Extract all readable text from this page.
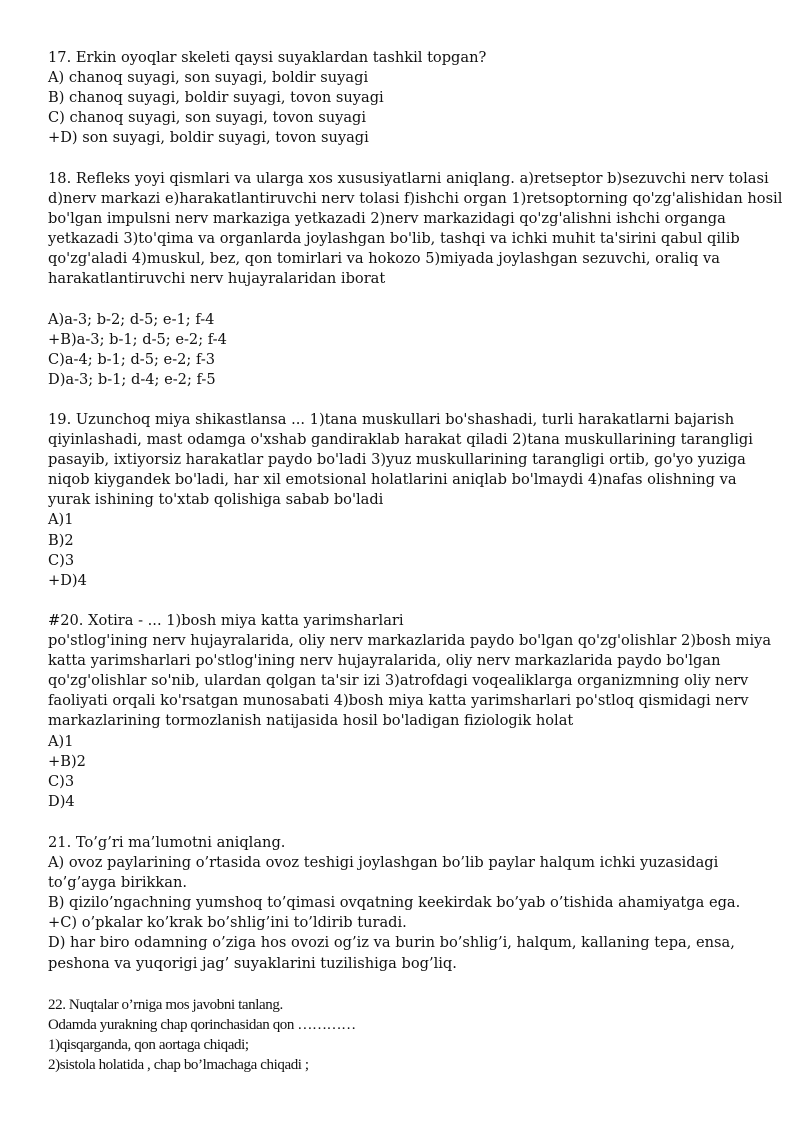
17. Erkin oyoqlar skeleti qaysi suyaklardan tashkil topgan?
A) chanoq suyagi, son suyagi, boldir suyagi
B) chanoq suyagi, boldir suyagi, tovon suyagi
C) chanoq suyagi, son suyagi, tovon suyagi
+D) son suyagi, boldir suyagi, tovon suyagi
18. Refleks yoyi qismlari va ularga xos xususiyatlarni aniqlang. a)retseptor b)sezuvchi nerv tolasi
d)nerv markazi e)harakatlantiruvchi nerv tolasi f)ishchi organ 1)retsoptorning qo'zg'alishidan hosil
bo'lgan impulsni nerv markaziga yetkazadi 2)nerv markazidagi qo'zg'alishni ishchi organga
yetkazadi 3)to'qima va organlarda joylashgan bo'lib, tashqi va ichki muhit ta'sirini qabul qilib
qo'zg'aladi 4)muskul, bez, qon tomirlari va hokozo 5)miyada joylashgan sezuvchi, oraliq va
harakatlantiruvchi nerv hujayralaridan iborat
A)a-3; b-2; d-5; e-1; f-4
+B)a-3; b-1; d-5; e-2; f-4
C)a-4; b-1; d-5; e-2; f-3
D)a-3; b-1; d-4; e-2; f-5
19. Uzunchoq miya shikastlansa ... 1)tana muskullari bo'shashadi, turli harakatlarni bajarish
qiyinlashadi, mast odamga o'xshab gandiraklab harakat qiladi 2)tana muskullarining tarangligi
pasayib, ixtiyorsiz harakatlar paydo bo'ladi 3)yuz muskullarining tarangligi ortib, go'yo yuziga
niqob kiygandek bo'ladi, har xil emotsional holatlarini aniqlab bo'lmaydi 4)nafas olishning va
yurak ishining to'xtab qolishiga sabab bo'ladi
A)1
B)2
C)3
+D)4
#20. Xotira - ... 1)bosh miya katta yarimsharlari
po'stlog'ining nerv hujayralarida, oliy nerv markazlarida paydo bo'lgan qo'zg'olishlar 2)bosh miya
katta yarimsharlari po'stlog'ining nerv hujayralarida, oliy nerv markazlarida paydo bo'lgan
qo'zg'olishlar so'nib, ulardan qolgan ta'sir izi 3)atrofdagi voqealiklarga organizmning oliy nerv
faoliyati orqali ko'rsatgan munosabati 4)bosh miya katta yarimsharlari po'stloq qismidagi nerv
markazlarining tormozlanish natijasida hosil bo'ladigan fiziologik holat
A)1
+B)2
C)3
D)4
21. To’g’ri ma’lumotni aniqlang.
A) ovoz paylarining o’rtasida ovoz teshigi joylashgan bo’lib paylar halqum ichki yuzasidagi
to’g’ayga birikkan.
B) qizilo’ngachning yumshoq to’qimasi ovqatning keekirdak bo’yab o’tishida ahamiyatga ega.
+C) o’pkalar ko’krak bo’shlig’ini to’ldirib turadi.
D) har biro odamning o’ziga hos ovozi og’iz va burin bo’shlig’i, halqum, kallaning tepa, ensa,
peshona va yuqorigi jag’ suyaklarini tuzilishiga bog’liq.
22. Nuqtalar o’rniga mos javobni tanlang.
Odamda yurakning chap qorinchasidan qon …………
1)qisqarganda, qon aortaga chiqadi;
2)sistola holatida , chap bo’lmachaga chiqadi ;
